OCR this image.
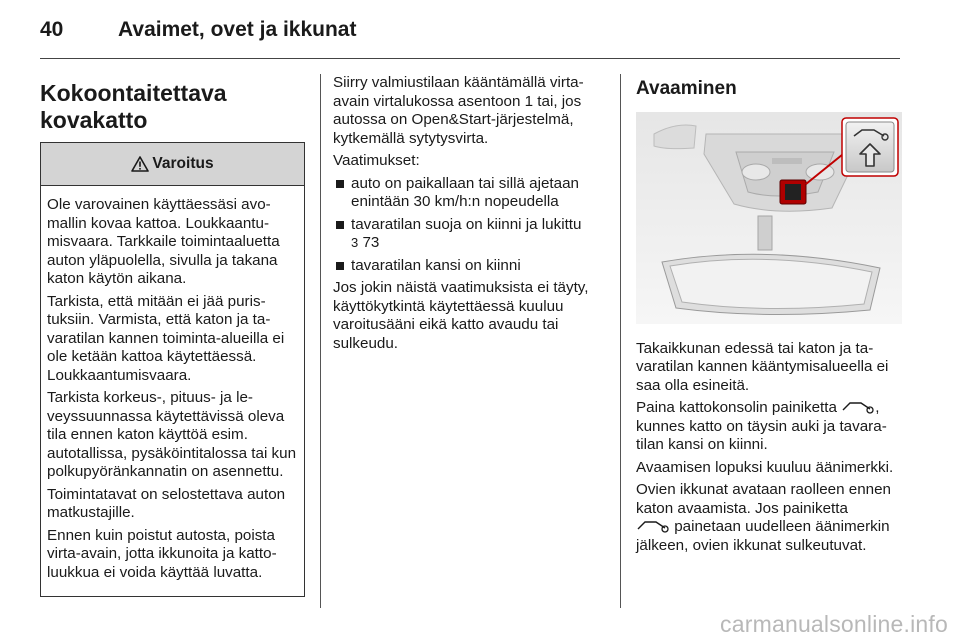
40	Avaimet, ovet ja ikkunat
Kokoontaitettava
kovakatto
Varoitus

Ole varovainen käyttäessäsi avomallin kovaa kattoa. Loukkaantumisvaara. Tarkkaile toimintaaluetta auton yläpuolella, sivulla ja takana katon käytön aikana.

Tarkista, että mitään ei jää puristuksiin. Varmista, että katon ja tavaratilan kannen toiminta-alueilla ei ole ketään kattoa käytettäessä. Loukkaantumisvaara.

Tarkista korkeus-, pituus- ja leveyssuunnassa käytettävissä oleva tila ennen katon käyttöä esim. autotallissa, pysäköintitalossa tai kun polkupyöränkannatin on asennettu.

Toimintatavat on selostettava auton matkustajille.

Ennen kuin poistut autosta, poista virta-avain, jotta ikkunoita ja kattoluukkua ei voida käyttää luvatta.

Siirry valmiustilaan kääntämällä virtaavain virtalukossa asentoon 1 tai, jos autossa on Open&Start-järjestelmä, kytkemällä sytytysvirta.

Vaatimukset:

auto on paikallaan tai sillä ajetaan enintään 30 km/h:n nopeudella
tavaratilan suoja on kiinni ja lukittu
3 73
tavaratilan kansi on kiinni

Jos jokin näistä vaatimuksista ei täyty, käyttökytkintä käytettäessä kuuluu varoitusääni eikä katto avaudu tai sulkeudu.

Avaaminen

Takaikkunan edessä tai katon ja tavaratilan kannen kääntymisalueella ei saa olla esineitä.

Paina kattokonsolin painiketta	, kunnes katto on täysin auki ja tavaratilan kansi on kiinni.

Avaamisen lopuksi kuuluu äänimerkki.

Ovien ikkunat avataan raolleen ennen katon avaamista. Jos painiketta
painetaan uudelleen äänimerkin jälkeen, ovien ikkunat sulkeutuvat.

carmanualsonline.info
